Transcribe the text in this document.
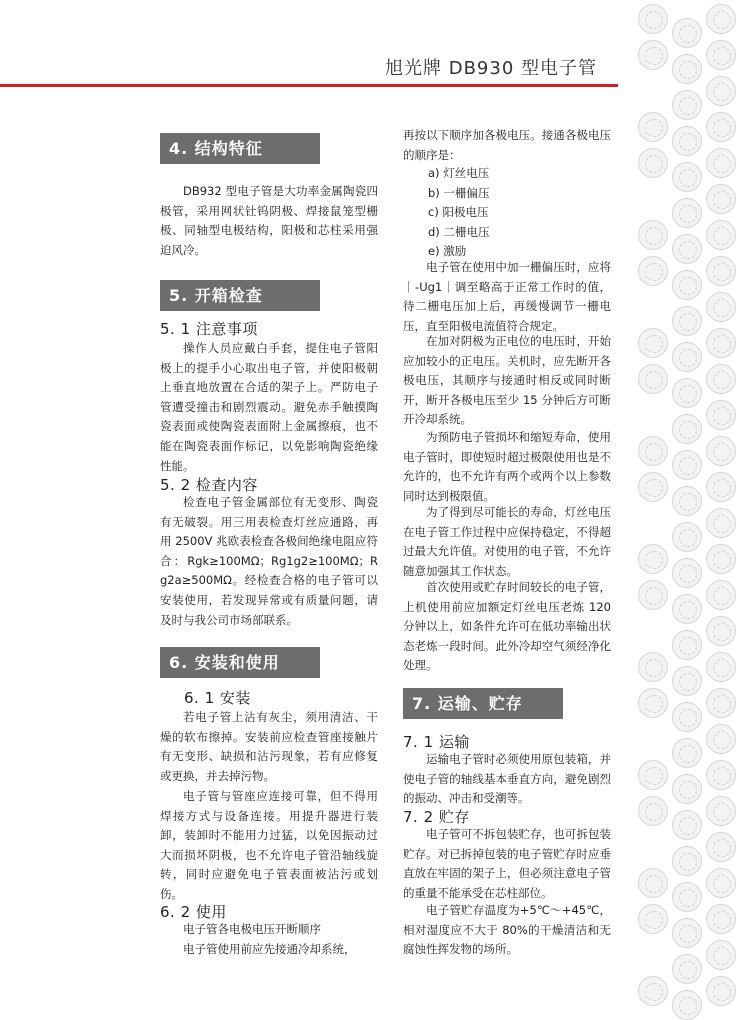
旭光牌 DB930 型电子管
4. 结构特征

DB932 型电子管是大功率金属陶瓷四极管，采用网状钍钨阴极、焊接鼠笼型栅极、同轴型电极结构，阳极和芯柱采用强迫风冷。

5. 开箱检查
5. 1 注意事项

操作人员应戴白手套，提住电子管阳极上的提手小心取出电子管，并使阳极朝上垂直地放置在合适的架子上。严防电子管遭受撞击和剧烈震动。避免赤手触摸陶瓷表面或使陶瓷表面附上金属擦痕，也不能在陶瓷表面作标记，以免影响陶瓷绝缘性能。

5. 2 检查内容

检查电子管金属部位有无变形、陶瓷有无破裂。用三用表检查灯丝应通路，再用 2500V 兆欧表检查各极间绝缘电阻应符合：Rgk≥100MΩ；Rg1g2≥100MΩ；Rg2a≥500MΩ。经检查合格的电子管可以安装使用，若发现异常或有质量问题，请及时与我公司市场部联系。

6. 安装和使用
6. 1 安装

若电子管上沾有灰尘，须用清洁、干燥的软布擦掉。安装前应检查管座接触片有无变形、缺损和沾污现象，若有应修复或更换，并去掉污物。

电子管与管座应连接可靠，但不得用焊接方式与设备连接。用提升器进行装卸，装卸时不能用力过猛，以免因振动过大而损坏阴极，也不允许电子管沿轴线旋转，同时应避免电子管表面被沾污或划伤。

6. 2 使用

电子管各电极电压开断顺序

电子管使用前应先接通冷却系统，

再按以下顺序加各极电压。接通各极电压的顺序是：

a) 灯丝电压
b) 一栅偏压
c) 阳极电压
d) 二栅电压
e) 激励

电子管在使用中加一栅偏压时，应将｜-Ug1｜调至略高于正常工作时的值，待二栅电压加上后，再缓慢调节一栅电压，直至阳极电流值符合规定。

在加对阴极为正电位的电压时，开始应加较小的正电压。关机时，应先断开各极电压，其顺序与接通时相反或同时断开，断开各极电压至少 15 分钟后方可断开冷却系统。

为预防电子管损坏和缩短寿命，使用电子管时，即使短时超过极限使用也是不允许的，也不允许有两个或两个以上参数同时达到极限值。

为了得到尽可能长的寿命，灯丝电压在电子管工作过程中应保持稳定，不得超过最大允许值。对使用的电子管，不允许随意加强其工作状态。

首次使用或贮存时间较长的电子管，上机使用前应加额定灯丝电压老炼 120 分钟以上，如条件允许可在低功率输出状态老炼一段时间。此外冷却空气须经净化处理。

7. 运输、贮存
7. 1 运输

运输电子管时必须使用原包装箱，并使电子管的轴线基本垂直方向，避免剧烈的振动、冲击和受潮等。

7. 2 贮存

电子管可不拆包装贮存，也可拆包装贮存。对已拆掉包装的电子管贮存时应垂直放在牢固的架子上，但必须注意电子管的重量不能承受在芯柱部位。

电子管贮存温度为+5℃～+45℃，相对湿度应不大于 80%的干燥清洁和无腐蚀性挥发物的场所。
